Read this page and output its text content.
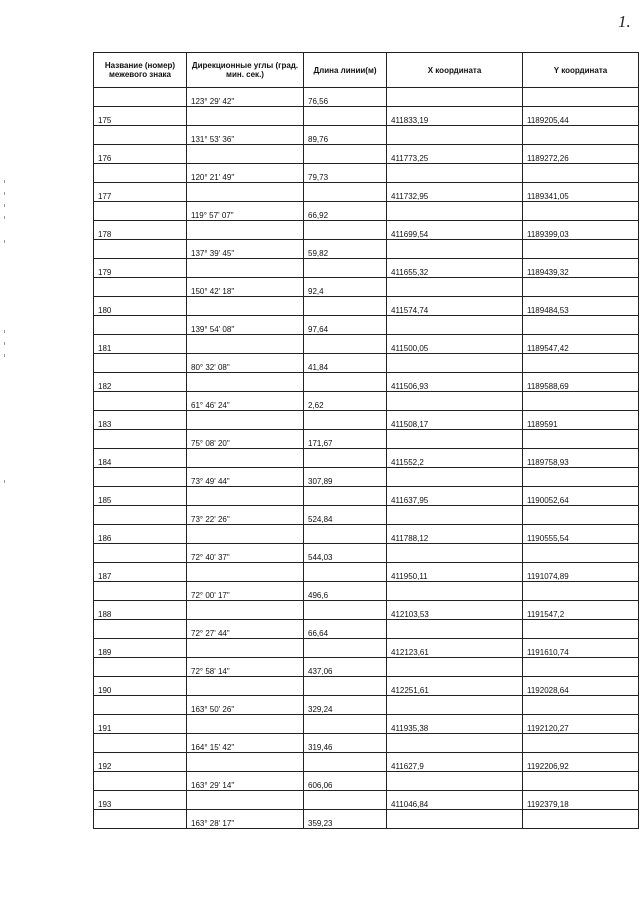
1.
Название (номер) межевого знака	Дирекционные углы (град. мин. сек.)	Длина линии(м)	X координата	Y координата
	123° 29' 42"	76,56		
175			411833,19	1189205,44
	131° 53' 36"	89,76		
176			411773,25	1189272,26
	120° 21' 49"	79,73		
177			411732,95	1189341,05
	119° 57' 07"	66,92		
178			411699,54	1189399,03
	137° 39' 45"	59,82		
179			411655,32	1189439,32
	150° 42' 18"	92,4		
180			411574,74	1189484,53
	139° 54' 08"	97,64		
181			411500,05	1189547,42
	80° 32' 08"	41,84		
182			411506,93	1189588,69
	61° 46' 24"	2,62		
183			411508,17	1189591
	75° 08' 20"	171,67		
184			411552,2	1189758,93
	73° 49' 44"	307,89		
185			411637,95	1190052,64
	73° 22' 26"	524,84		
186			411788,12	1190555,54
	72° 40' 37"	544,03		
187			411950,11	1191074,89
	72° 00' 17"	496,6		
188			412103,53	1191547,2
	72° 27' 44"	66,64		
189			412123,61	1191610,74
	72° 58' 14"	437,06		
190			412251,61	1192028,64
	163° 50' 26"	329,24		
191			411935,38	1192120,27
	164° 15' 42"	319,46		
192			411627,9	1192206,92
	163° 29' 14"	606,06		
193			411046,84	1192379,18
	163° 28' 17"	359,23		
